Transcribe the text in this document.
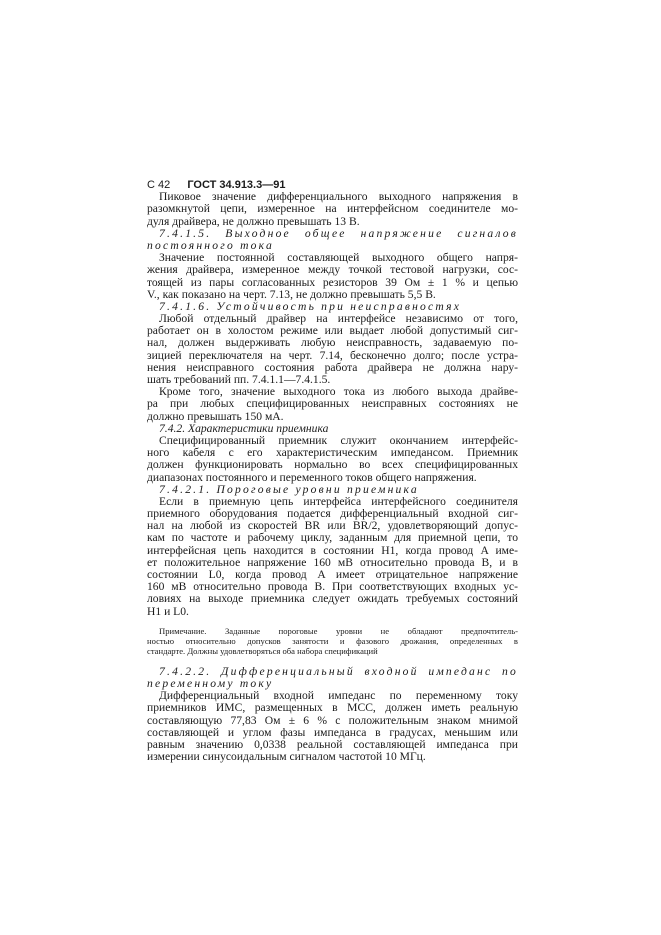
С 42 ГОСТ 34.913.3—91
Пиковое значение дифференциального выходного напряжения в
разомкнутой цепи, измеренное на интерфейсном соединителе мо-
дуля драйвера, не должно превышать 13 В.
7.4.1.5. Выходное общее напряжение сигналов
постоянного тока
Значение постоянной составляющей выходного общего напря-
жения драйвера, измеренное между точкой тестовой нагрузки, сос-
тоящей из пары согласованных резисторов 39 Ом ± 1 % и цепью
V., как показано на черт. 7.13, не должно превышать 5,5 В.
7.4.1.6. Устойчивость при неисправностях
Любой отдельный драйвер на интерфейсе независимо от того,
работает он в холостом режиме или выдает любой допустимый сиг-
нал, должен выдерживать любую неисправность, задаваемую по-
зицией переключателя на черт. 7.14, бесконечно долго; после устра-
нения неисправного состояния работа драйвера не должна нару-
шать требований пп. 7.4.1.1—7.4.1.5.
Кроме того, значение выходного тока из любого выхода драйве-
ра при любых специфицированных неисправных состояниях не
должно превышать 150 мА.
7.4.2. Характеристики приемника
Специфицированный приемник служит окончанием интерфейс-
ного кабеля с его характеристическим импедансом. Приемник
должен функционировать нормально во всех специфицированных
диапазонах постоянного и переменного токов общего напряжения.
7.4.2.1. Пороговые уровни приемника
Если в приемную цепь интерфейса интерфейсного соединителя
приемного оборудования подается дифференциальный входной сиг-
нал на любой из скоростей BR или BR/2, удовлетворяющий допус-
кам по частоте и рабочему циклу, заданным для приемной цепи, то
интерфейсная цепь находится в состоянии H1, когда провод A име-
ет положительное напряжение 160 мВ относительно провода B, и в
состоянии L0, когда провод A имеет отрицательное напряжение
160 мВ относительно провода B. При соответствующих входных ус-
ловиях на выходе приемника следует ожидать требуемых состояний
H1 и L0.
Примечание. Заданные пороговые уровни не обладают предпочтитель-
ностью относительно допусков занятости и фазового дрожания, определенных в
стандарте. Должны удовлетворяться оба набора спецификаций
7.4.2.2. Дифференциальный входной импеданс по
переменному току
Дифференциальный входной импеданс по переменному току
приемников ИМС, размещенных в МСС, должен иметь реальную
составляющую 77,83 Ом ± 6 % с положительным знаком мнимой
составляющей и углом фазы импеданса в градусах, меньшим или
равным значению 0,0338 реальной составляющей импеданса при
измерении синусоидальным сигналом частотой 10 МГц.
